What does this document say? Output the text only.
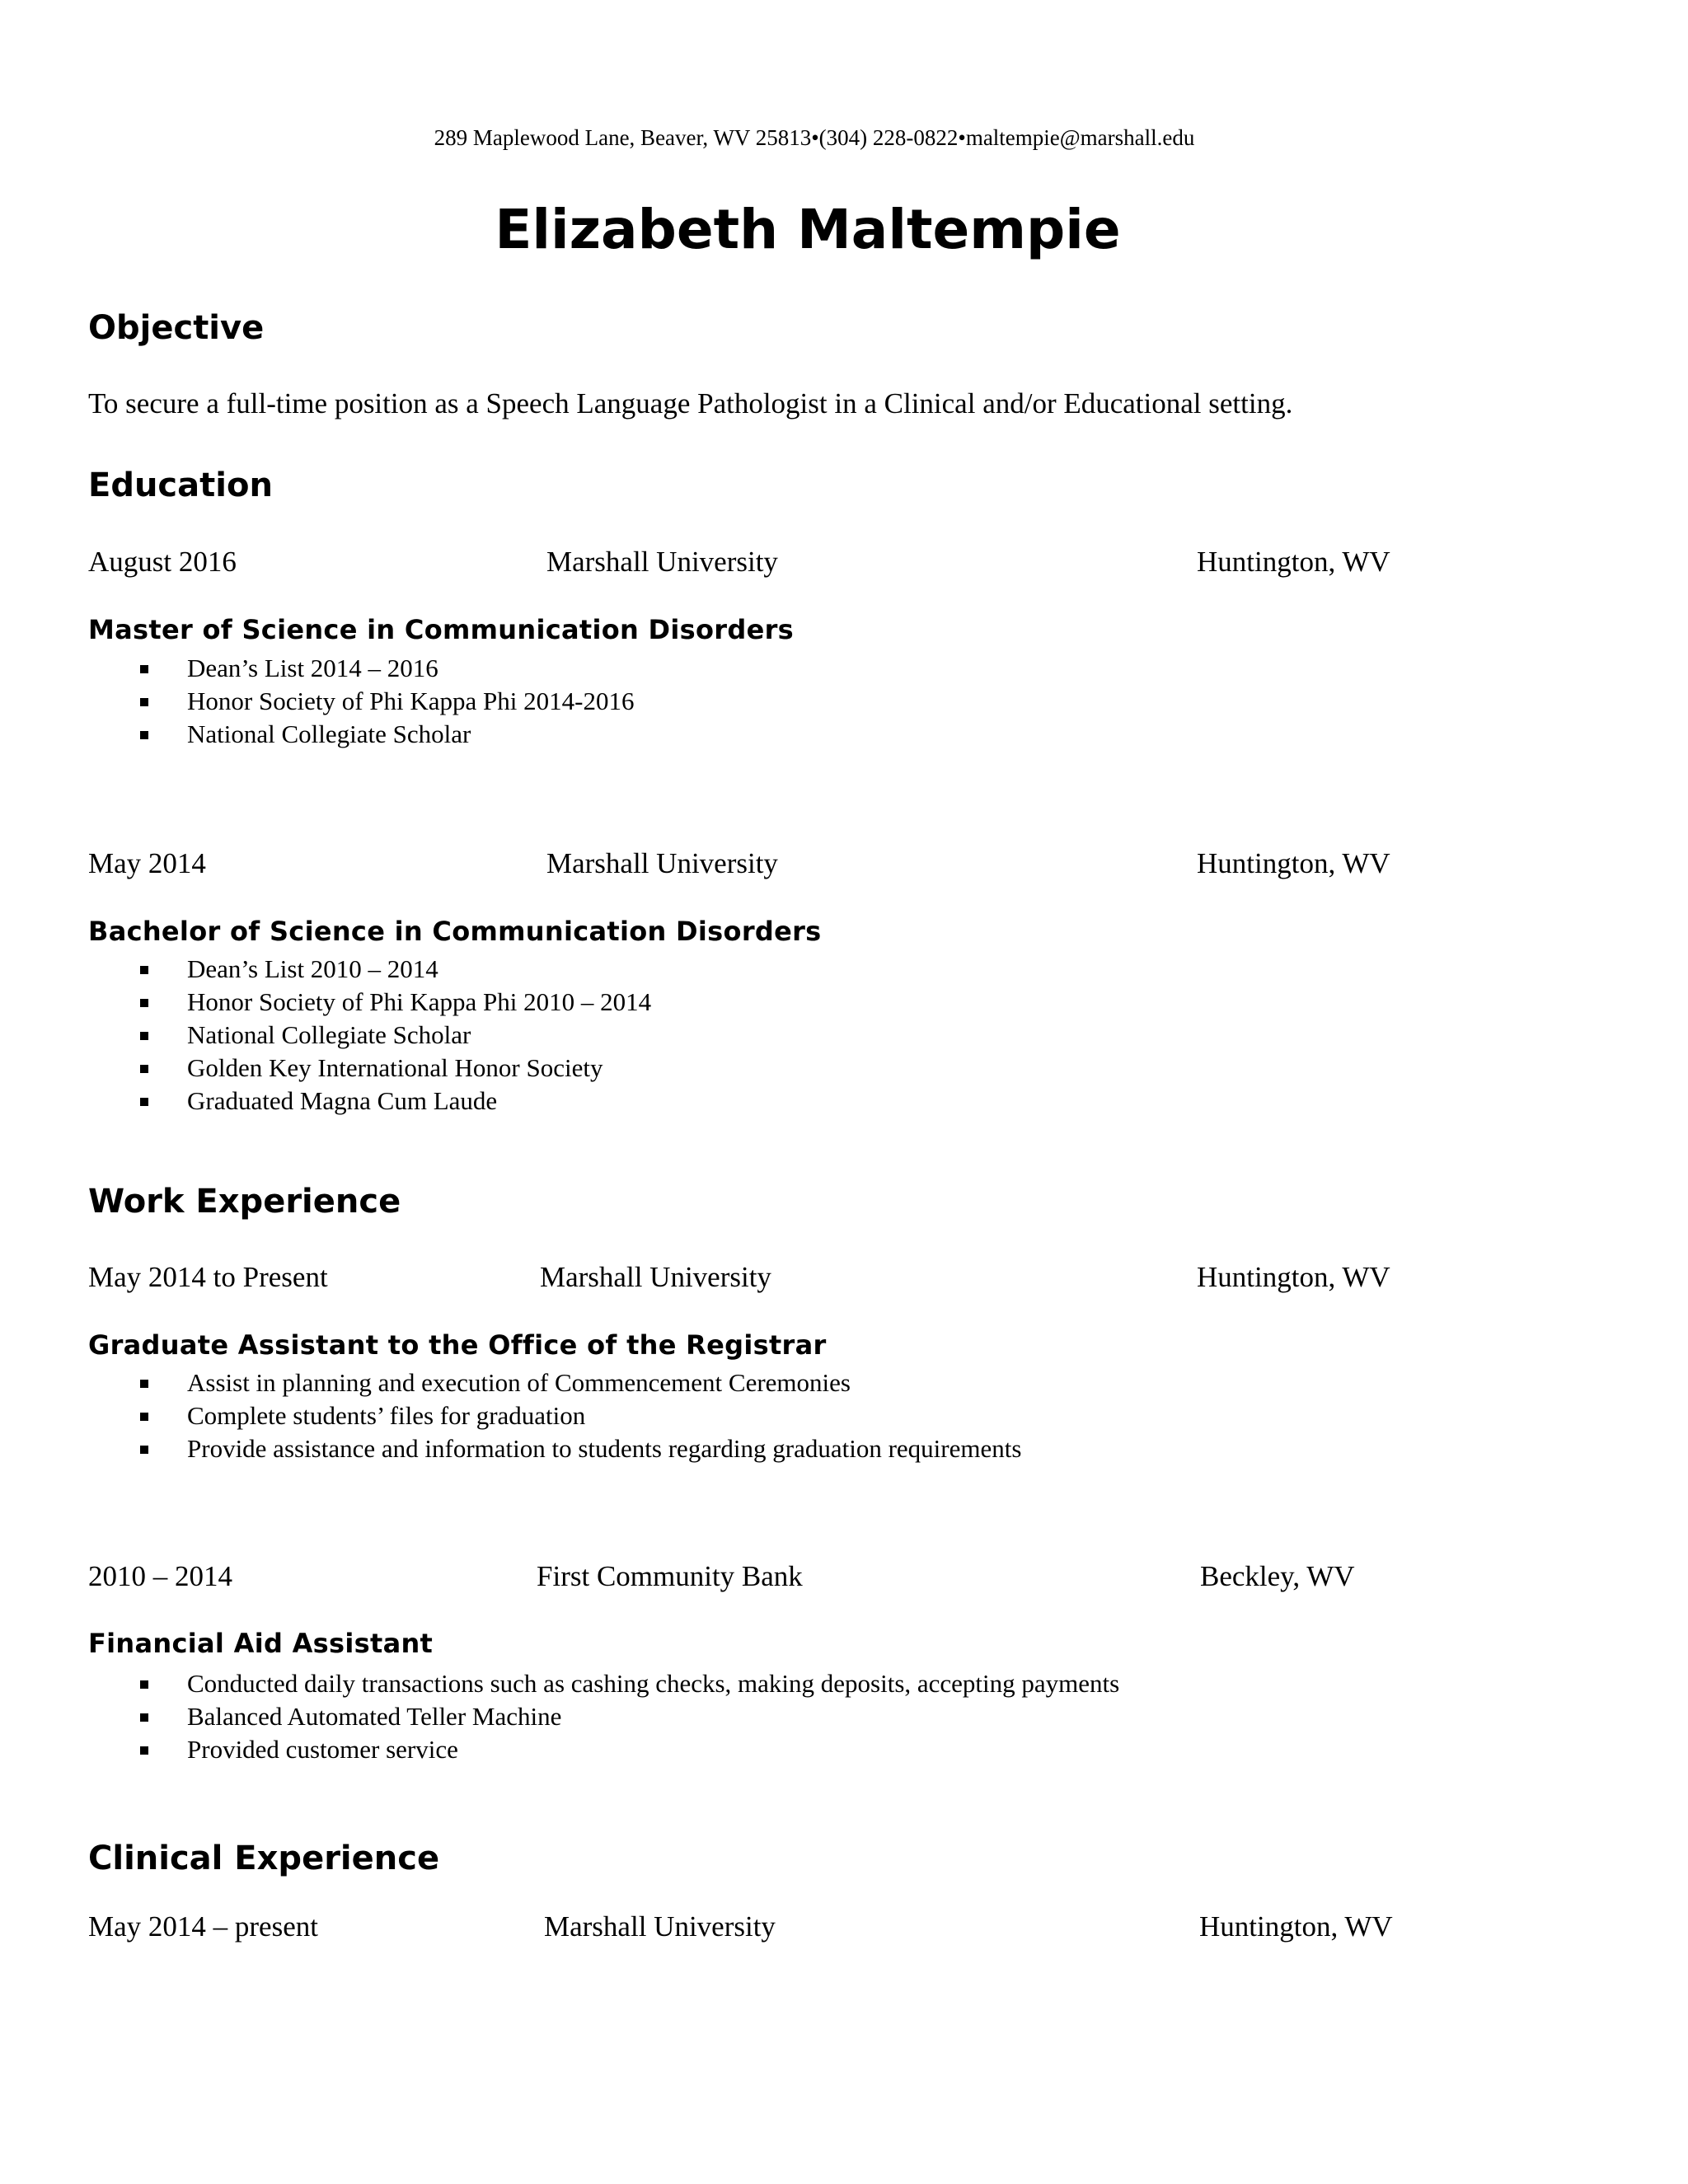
289 Maplewood Lane, Beaver, WV 25813•(304) 228-0822•maltempie@marshall.edu
Elizabeth Maltempie
Objective
To secure a full-time position as a Speech Language Pathologist in a Clinical and/or Educational setting.
Education
August 2016	Marshall University	Huntington, WV
Master of Science in Communication Disorders
Dean’s List 2014 – 2016
Honor Society of Phi Kappa Phi 2014-2016
National Collegiate Scholar
May 2014	Marshall University	Huntington, WV
Bachelor of Science in Communication Disorders
Dean’s List 2010 – 2014
Honor Society of Phi Kappa Phi 2010 – 2014
National Collegiate Scholar
Golden Key International Honor Society
Graduated Magna Cum Laude
Work Experience
May 2014 to Present	Marshall University	Huntington, WV
Graduate Assistant to the Office of the Registrar
Assist in planning and execution of Commencement Ceremonies
Complete students’ files for graduation
Provide assistance and information to students regarding graduation requirements
2010 – 2014	First Community Bank	Beckley, WV
Financial Aid Assistant
Conducted daily transactions such as cashing checks, making deposits, accepting payments
Balanced Automated Teller Machine
Provided customer service
Clinical Experience
May 2014 – present	Marshall University	Huntington, WV
